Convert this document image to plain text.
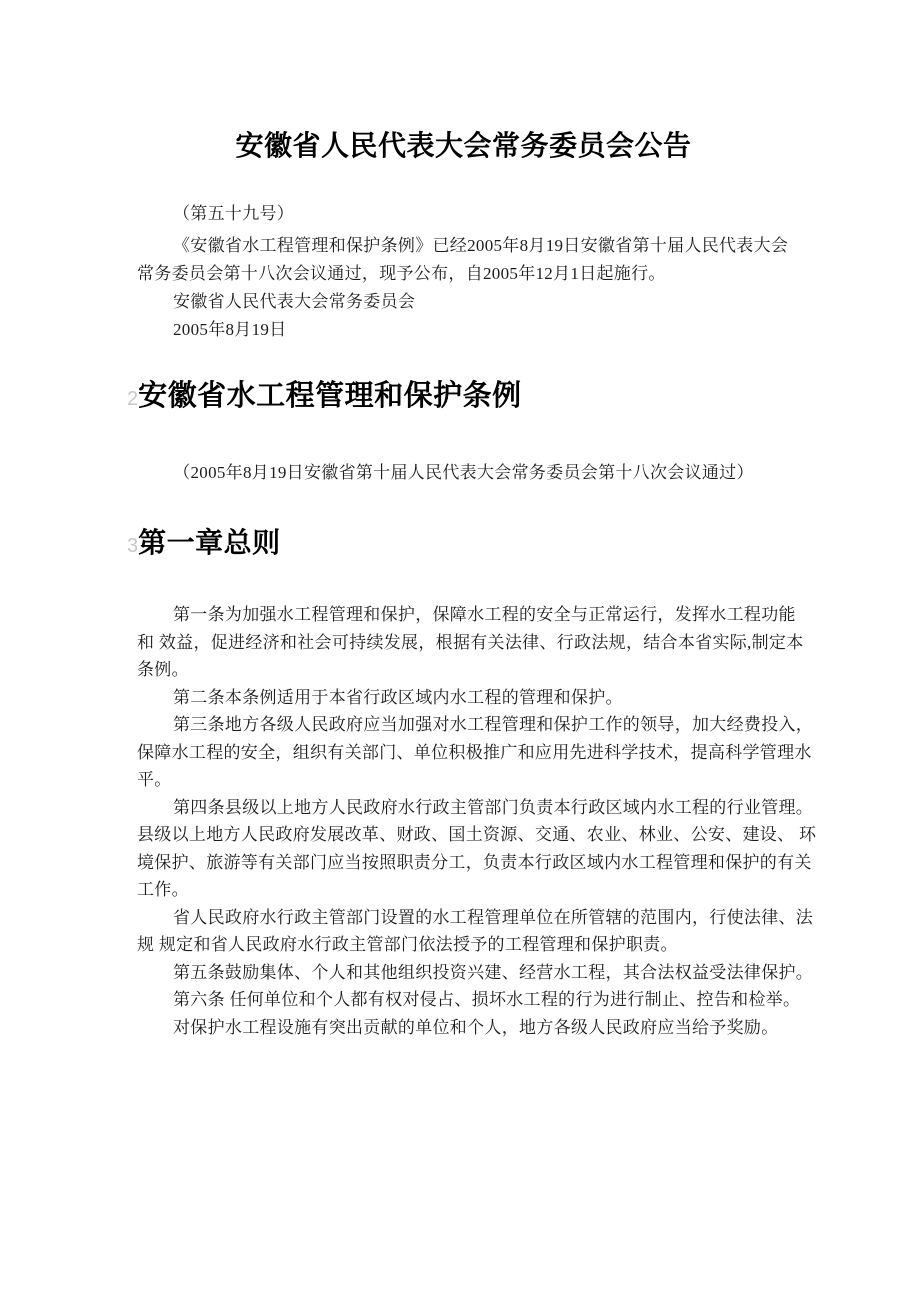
安徽省人民代表大会常务委员会公告
（第五十九号）
《安徽省水工程管理和保护条例》已经2005年8月19日安徽省第十届人民代表大会
常务委员会第十八次会议通过，现予公布，自2005年12月1日起施行。
安徽省人民代表大会常务委员会
2005年8月19日
2 安徽省水工程管理和保护条例
（2005年8月19日安徽省第十届人民代表大会常务委员会第十八次会议通过）
3 第一章总则
第一条为加强水工程管理和保护，保障水工程的安全与正常运行，发挥水工程功能
和 效益，促进经济和社会可持续发展，根据有关法律、行政法规，结合本省实际,制定本
条例。
第二条本条例适用于本省行政区域内水工程的管理和保护。
第三条地方各级人民政府应当加强对水工程管理和保护工作的领导，加大经费投入，
保障水工程的安全，组织有关部门、单位积极推广和应用先进科学技术，提高科学管理水
平。
第四条县级以上地方人民政府水行政主管部门负责本行政区域内水工程的行业管理。
县级以上地方人民政府发展改革、财政、国土资源、交通、农业、林业、公安、建设、 环
境保护、旅游等有关部门应当按照职责分工，负责本行政区域内水工程管理和保护的有关
工作。
省人民政府水行政主管部门设置的水工程管理单位在所管辖的范围内，行使法律、法
规 规定和省人民政府水行政主管部门依法授予的工程管理和保护职责。
第五条鼓励集体、个人和其他组织投资兴建、经营水工程，其合法权益受法律保护。
第六条 任何单位和个人都有权对侵占、损坏水工程的行为进行制止、控告和检举。
对保护水工程设施有突出贡献的单位和个人，地方各级人民政府应当给予奖励。
